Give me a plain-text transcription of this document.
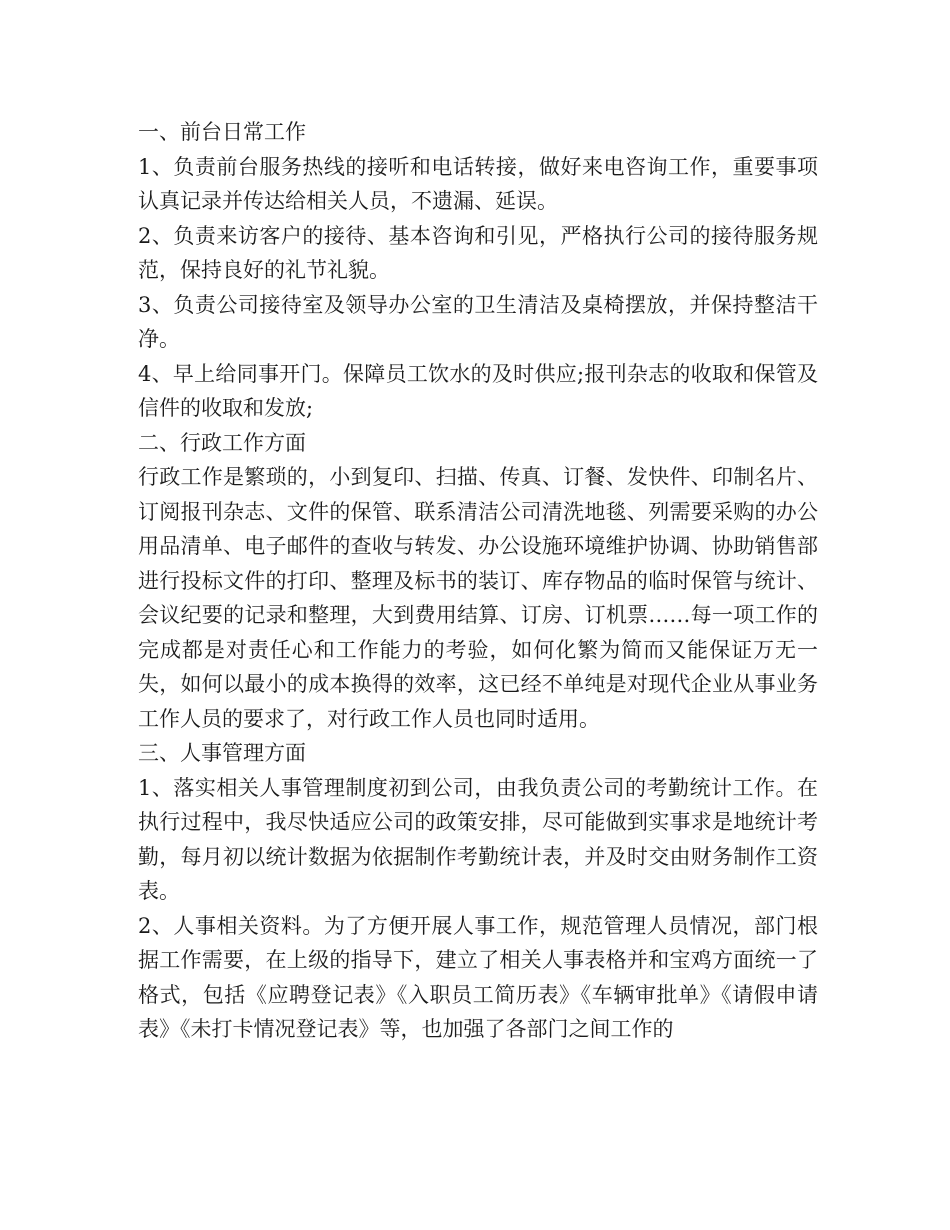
一、前台日常工作

1、负责前台服务热线的接听和电话转接，做好来电咨询工作，重要事项认真记录并传达给相关人员，不遗漏、延误。

2、负责来访客户的接待、基本咨询和引见，严格执行公司的接待服务规范，保持良好的礼节礼貌。

3、负责公司接待室及领导办公室的卫生清洁及桌椅摆放，并保持整洁干净。

4、早上给同事开门。保障员工饮水的及时供应;报刊杂志的收取和保管及信件的收取和发放;

二、行政工作方面

行政工作是繁琐的，小到复印、扫描、传真、订餐、发快件、印制名片、订阅报刊杂志、文件的保管、联系清洁公司清洗地毯、列需要采购的办公用品清单、电子邮件的查收与转发、办公设施环境维护协调、协助销售部进行投标文件的打印、整理及标书的装订、库存物品的临时保管与统计、会议纪要的记录和整理，大到费用结算、订房、订机票……每一项工作的完成都是对责任心和工作能力的考验，如何化繁为简而又能保证万无一失，如何以最小的成本换得的效率，这已经不单纯是对现代企业从事业务工作人员的要求了，对行政工作人员也同时适用。

三、人事管理方面

1、落实相关人事管理制度初到公司，由我负责公司的考勤统计工作。在执行过程中，我尽快适应公司的政策安排，尽可能做到实事求是地统计考勤，每月初以统计数据为依据制作考勤统计表，并及时交由财务制作工资表。

2、人事相关资料。为了方便开展人事工作，规范管理人员情况，部门根据工作需要，在上级的指导下，建立了相关人事表格并和宝鸡方面统一了格式，包括《应聘登记表》《入职员工简历表》《车辆审批单》《请假申请表》《未打卡情况登记表》等，也加强了各部门之间工作的
